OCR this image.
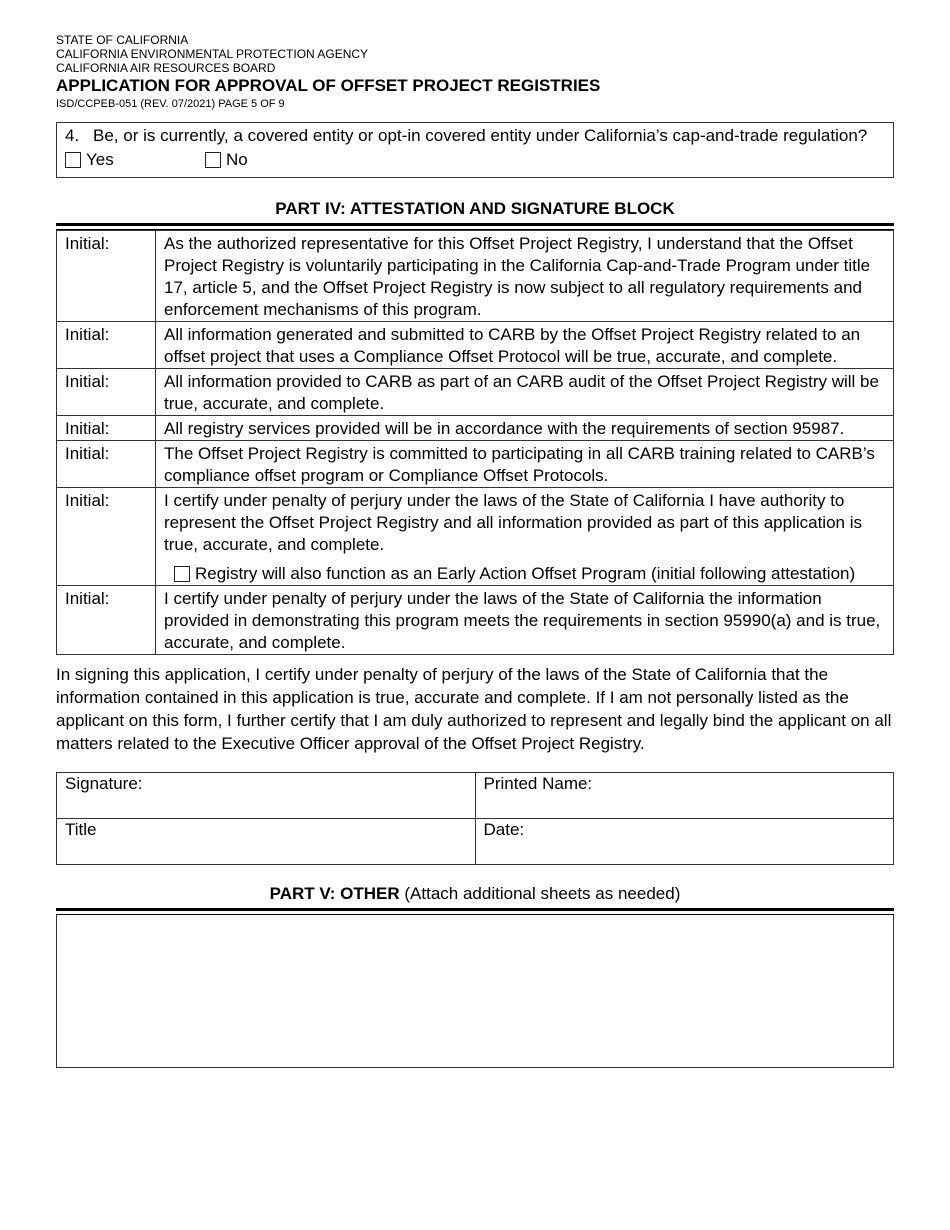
STATE OF CALIFORNIA

CALIFORNIA ENVIRONMENTAL PROTECTION AGENCY

CALIFORNIA AIR RESOURCES BOARD

APPLICATION FOR APPROVAL OF OFFSET PROJECT REGISTRIES

ISD/CCPEB-051 (REV. 07/2021) PAGE 5 OF 9

4. Be, or is currently, a covered entity or opt-in covered entity under California’s cap-and-trade regulation?
Yes	No
PART IV: ATTESTATION AND SIGNATURE BLOCK
Initial:	As the authorized representative for this Offset Project Registry, I understand that the Offset Project Registry is voluntarily participating in the California Cap-and-Trade Program under title 17, article 5, and the Offset Project Registry is now subject to all regulatory requirements and enforcement mechanisms of this program.
Initial:	All information generated and submitted to CARB by the Offset Project Registry related to an offset project that uses a Compliance Offset Protocol will be true, accurate, and complete.
Initial:	All information provided to CARB as part of an CARB audit of the Offset Project Registry will be true, accurate, and complete.
Initial:	All registry services provided will be in accordance with the requirements of section 95987.
Initial:	The Offset Project Registry is committed to participating in all CARB training related to CARB’s compliance offset program or Compliance Offset Protocols.
Initial:	I certify under penalty of perjury under the laws of the State of California I have authority to represent the Offset Project Registry and all information provided as part of this application is true, accurate, and complete.
Registry will also function as an Early Action Offset Program (initial following attestation)

Initial:	I certify under penalty of perjury under the laws of the State of California the information provided in demonstrating this program meets the requirements in section 95990(a) and is true, accurate, and complete.

In signing this application, I certify under penalty of perjury of the laws of the State of California that the information contained in this application is true, accurate and complete. If I am not personally listed as the applicant on this form, I further certify that I am duly authorized to represent and legally bind the applicant on all matters related to the Executive Officer approval of the Offset Project Registry.

Signature:	Printed Name:
Title	Date:
PART V: OTHER (Attach additional sheets as needed)
